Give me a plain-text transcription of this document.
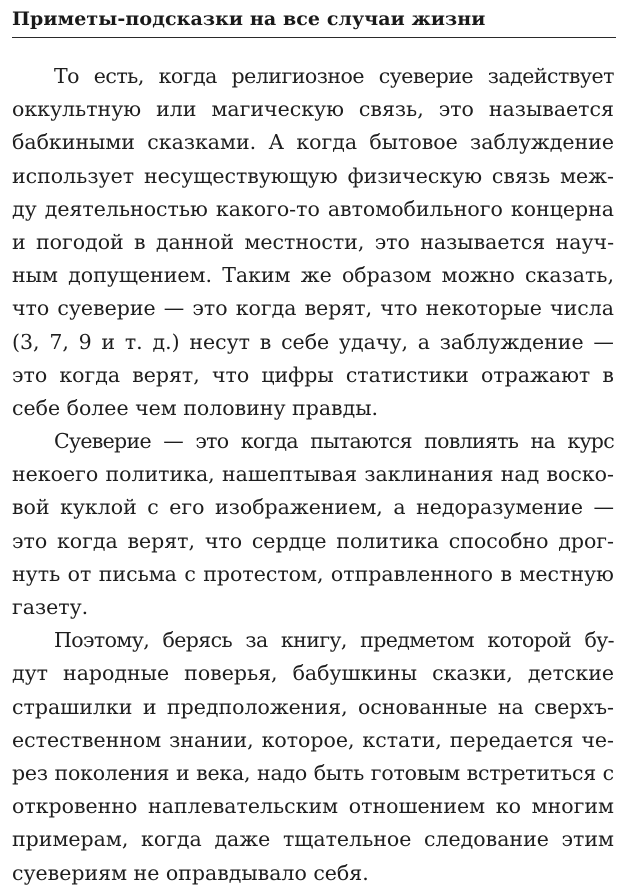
Приметы-подсказки на все случаи жизни
То есть, когда религиозное суеверие задействует
оккультную или магическую связь, это называется
бабкиными сказками. А когда бытовое заблуждение
использует несуществующую физическую связь меж-
ду деятельностью какого-то автомобильного концерна
и погодой в данной местности, это называется науч-
ным допущением. Таким же образом можно сказать,
что суеверие — это когда верят, что некоторые числа
(3, 7, 9 и т. д.) несут в себе удачу, а заблуждение —
это когда верят, что цифры статистики отражают в
себе более чем половину правды.
Суеверие — это когда пытаются повлиять на курс
некоего политика, нашептывая заклинания над воско-
вой куклой с его изображением, а недоразумение —
это когда верят, что сердце политика способно дрог-
нуть от письма с протестом, отправленного в местную
газету.
Поэтому, берясь за книгу, предметом которой бу-
дут народные поверья, бабушкины сказки, детские
страшилки и предположения, основанные на сверхъ-
естественном знании, которое, кстати, передается че-
рез поколения и века, надо быть готовым встретиться с
откровенно наплевательским отношением ко многим
примерам, когда даже тщательное следование этим
суевериям не оправдывало себя.
